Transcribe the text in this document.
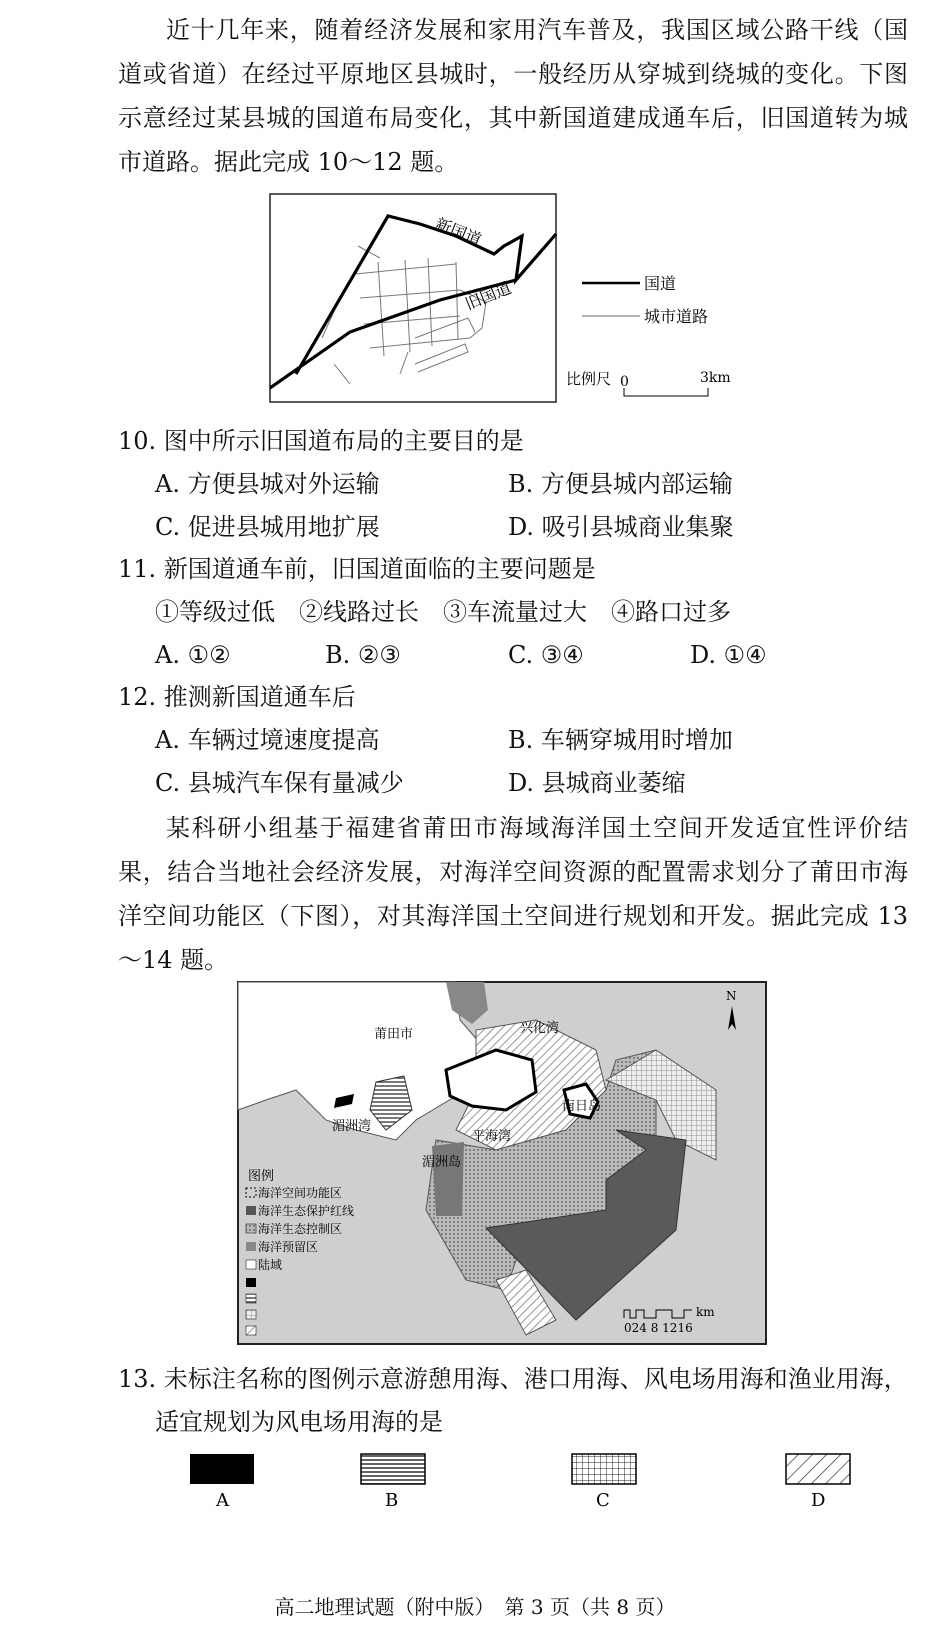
近十几年来，随着经济发展和家用汽车普及，我国区域公路干线（国道或省道）在经过平原地区县城时，一般经历从穿城到绕城的变化。下图示意经过某县城的国道布局变化，其中新国道建成通车后，旧国道转为城市道路。据此完成 10～12 题。
新国道
旧国道	国道
城市道路
比例尺 0	3km
10. 图中所示旧国道布局的主要目的是
A. 方便县城对外运输	B. 方便县城内部运输
C. 促进县城用地扩展	D. 吸引县城商业集聚
11. 新国道通车前，旧国道面临的主要问题是
①等级过低　②线路过长　③车流量过大　④路口过多
A. ①②	B. ②③	C. ③④	D. ①④
12. 推测新国道通车后
A. 车辆过境速度提高	B. 车辆穿城用时增加
C. 县城汽车保有量减少	D. 县城商业萎缩
某科研小组基于福建省莆田市海域海洋国土空间开发适宜性评价结果，结合当地社会经济发展，对海洋空间资源的配置需求划分了莆田市海洋空间功能区（下图），对其海洋国土空间进行规划和开发。据此完成 13～14 题。
莆田市	兴化湾
南日岛
湄洲湾
平海湾
湄洲岛
N
图例
海洋空间功能区
海洋生态保护红线
海洋生态控制区
海洋预留区
陆域
024 8 1216
km
13. 未标注名称的图例示意游憩用海、港口用海、风电场用海和渔业用海，
适宜规划为风电场用海的是
A	B	C	D
高二地理试题（附中版）　第 3 页（共 8 页）
